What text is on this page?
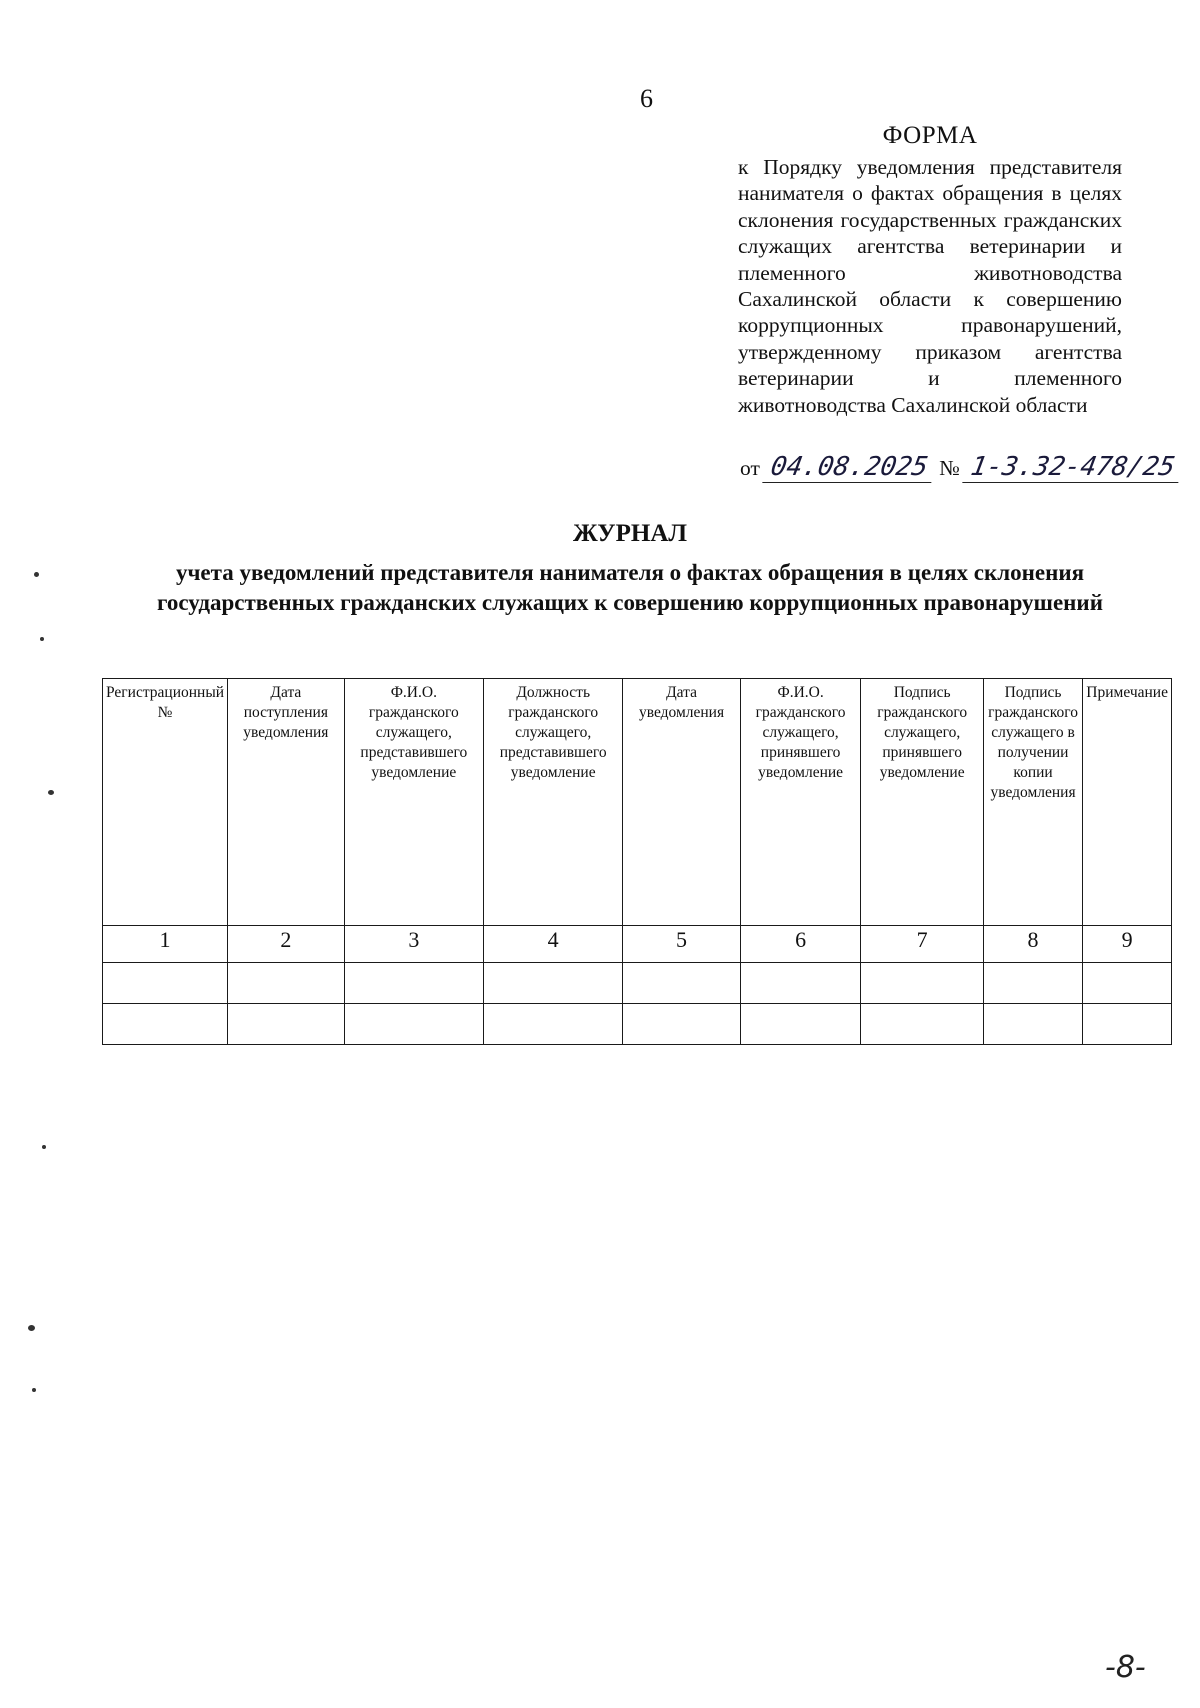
6
ФОРМА

к Порядку уведомления представителя нанимателя о фактах обращения в целях склонения государственных гражданских служащих агентства ветеринарии и племенного животноводства Сахалинской области к совершению коррупционных правонарушений, утвержденному приказом агентства ветеринарии и племенного животноводства Сахалинской области

от 04.08.2025 № 1-3.32-478/25

ЖУРНАЛ

учета уведомлений представителя нанимателя о фактах обращения в целях склонения государственных гражданских служащих к совершению коррупционных правонарушений

Регистрационный №	Дата поступления уведомления	Ф.И.О. гражданского служащего, представившего уведомление	Должность гражданского служащего, представившего уведомление	Дата уведомления	Ф.И.О. гражданского служащего, принявшего уведомление	Подпись гражданского служащего, принявшего уведомление	Подпись гражданского служащего в получении копии уведомления	Примечание
1	2	3	4	5	6	7	8	9

-8-
